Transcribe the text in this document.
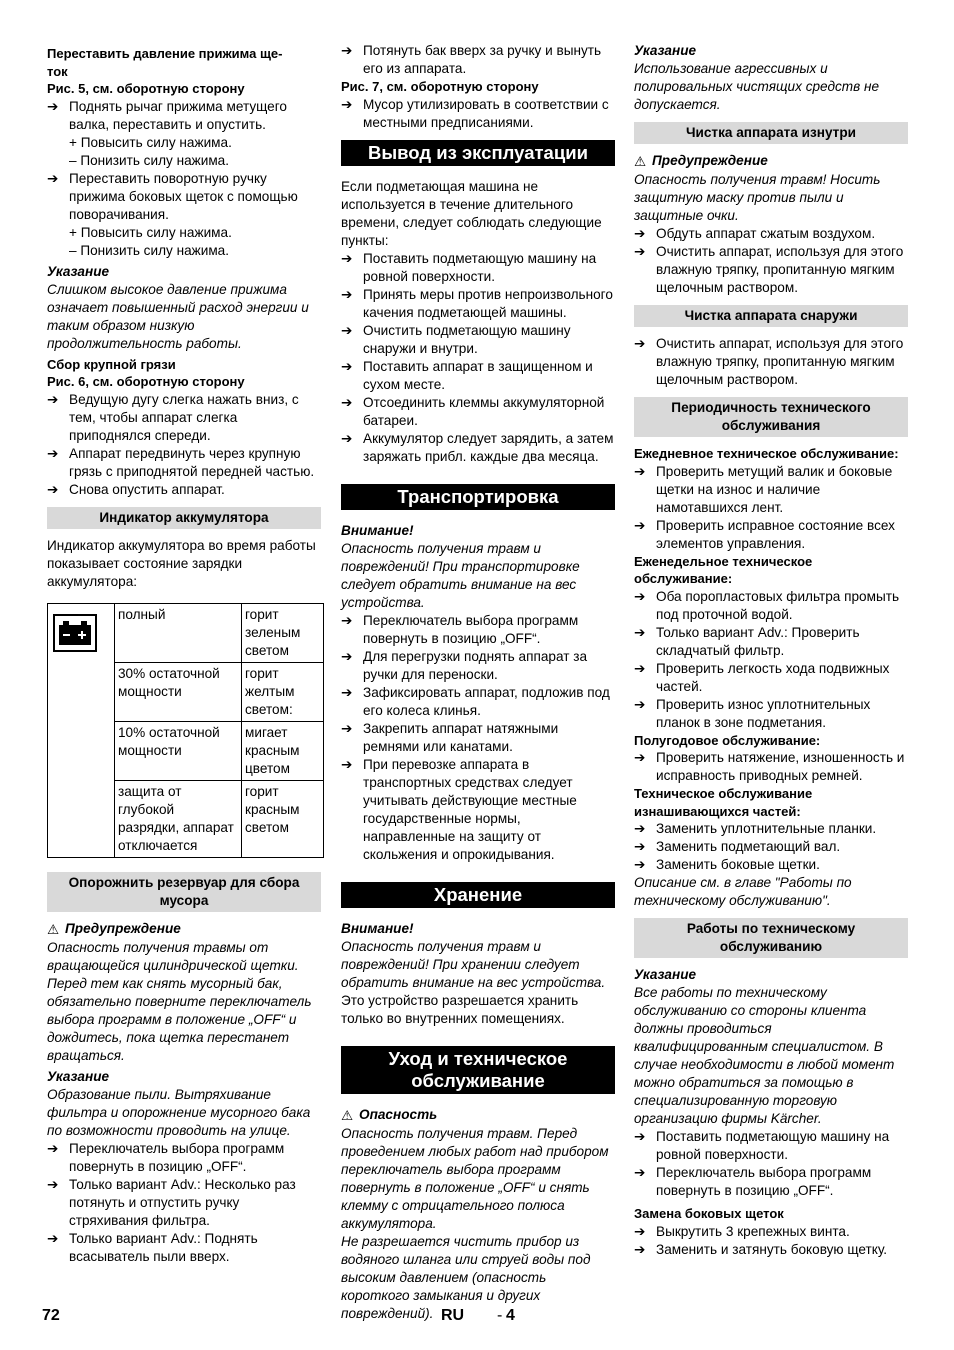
Переставить давление прижима ще-
ток

Рис. 5, см. оборотную сторону

➔ Поднять рычаг прижима метущего валка, переставить и опустить.

+ Повысить силу нажима.

– Понизить силу нажима.

➔ Переставить поворотную ручку прижима боковых щеток с помощью поворачивания.

+ Повысить силу нажима.

– Понизить силу нажима.

Указание

Слишком высокое давление прижима означает повышенный расход энергии и таким образом низкую продолжительность работы.

Сбор крупной грязи

Рис. 6, см. оборотную сторону

➔ Ведущую дугу слегка нажать вниз, с тем, чтобы аппарат слегка приподнялся спереди.
➔ Аппарат передвинуть через крупную грязь с приподнятой передней частью.
➔ Снова опустить аппарат.
Индикатор аккумулятора

Индикатор аккумулятора во время работы показывает состояние зарядки аккумулятора:

	полный	горит зеленым светом
	30% остаточной мощности	горит желтым светом:
	10% остаточной мощности	мигает красным цветом
	защита от глубокой разрядки, аппарат отключается	горит красным светом
Опорожнить резервуар для сбора мусора

⚠ Предупреждение

Опасность получения травмы от вращающейся цилиндрической щетки. Перед тем как снять мусорный бак, обязательно поверните переключатель выбора программ в положение „OFF“ и дождитесь, пока щетка перестанет вращаться.

Указание

Образование пыли. Вытряхивание фильтра и опорожнение мусорного бака по возможности проводить на улице.

➔ Переключатель выбора программ повернуть в позицию „OFF“.
➔ Только вариант Adv.: Несколько раз потянуть и отпустить ручку стряхивания фильтра.
➔ Только вариант Adv.: Поднять всасыватель пыли вверх.
➔ Потянуть бак вверх за ручку и вынуть его из аппарата.

Рис. 7, см. оборотную сторону

➔ Мусор утилизировать в соответствии с местными предписаниями.
Вывод из эксплуатации

Если подметающая машина не используется в течение длительного времени, следует соблюдать следующие пункты:

➔ Поставить подметающую машину на ровной поверхности.
➔ Принять меры против непроизвольного качения подметающей машины.
➔ Очистить подметающую машину снаружи и внутри.
➔ Поставить аппарат в защищенном и сухом месте.
➔ Отсоединить клеммы аккумуляторной батареи.
➔ Аккумулятор следует зарядить, а затем заряжать прибл. каждые два месяца.
Транспортировка

Внимание!

Опасность получения травм и повреждений! При транспортировке следует обратить внимание на вес устройства.

➔ Переключатель выбора программ повернуть в позицию „OFF“.
➔ Для перегрузки поднять аппарат за ручки для переноски.
➔ Зафиксировать аппарат, подложив под его колеса клинья.
➔ Закрепить аппарат натяжными ремнями или канатами.
➔ При перевозке аппарата в транспортных средствах следует учитывать действующие местные государственные нормы, направленные на защиту от скольжения и опрокидывания.
Хранение

Внимание!

Опасность получения травм и повреждений! При хранении следует обратить внимание на вес устройства.

Это устройство разрешается хранить только во внутренних помещениях.

Уход и техническое обслуживание

⚠ Опасность

Опасность получения травм. Перед проведением любых работ над прибором переключатель выбора программ повернуть в положение „OFF“ и снять клемму с отрицательного полюса аккумулятора.

Не разрешается чистить прибор из водяного шланга или струей воды под высоким давлением (опасность короткого замыкания и других повреждений).

Указание

Использование агрессивных и полировальных чистящих средств не допускается.

Чистка аппарата изнутри

⚠ Предупреждение

Опасность получения травм! Носить защитную маску против пыли и защитные очки.

➔ Обдуть аппарат сжатым воздухом.
➔ Очистить аппарат, используя для этого влажную тряпку, пропитанную мягким щелочным раствором.
Чистка аппарата снаружи
➔ Очистить аппарат, используя для этого влажную тряпку, пропитанную мягким щелочным раствором.
Периодичность технического обслуживания

Ежедневное техническое обслуживание:

➔ Проверить метущий валик и боковые щетки на износ и наличие намотавшихся лент.
➔ Проверить исправное состояние всех элементов управления.

Еженедельное техническое обслуживание:

➔ Оба поропластовых фильтра промыть под проточной водой.
➔ Только вариант Adv.: Проверить складчатый фильтр.
➔ Проверить легкость хода подвижных частей.
➔ Проверить износ уплотнительных планок в зоне подметания.

Полугодовое обслуживание:

➔ Проверить натяжение, изношенность и исправность приводных ремней.

Техническое обслуживание изнашивающихся частей:

➔ Заменить уплотнительные планки.
➔ Заменить подметающий вал.
➔ Заменить боковые щетки.

Описание см. в главе "Работы по техническому обслуживанию".

Работы по техническому обслуживанию

Указание

Все работы по техническому обслуживанию со стороны клиента должны проводиться квалифицированным специалистом. В случае необходимости в любой момент можно обратиться за помощью в специализированную торговую организацию фирмы Kärcher.

➔ Поставить подметающую машину на ровной поверхности.
➔ Переключатель выбора программ повернуть в позицию „OFF“.

Замена боковых щеток

➔ Выкрутить 3 крепежных винта.
➔ Заменить и затянуть боковую щетку.
72	RU - 4
